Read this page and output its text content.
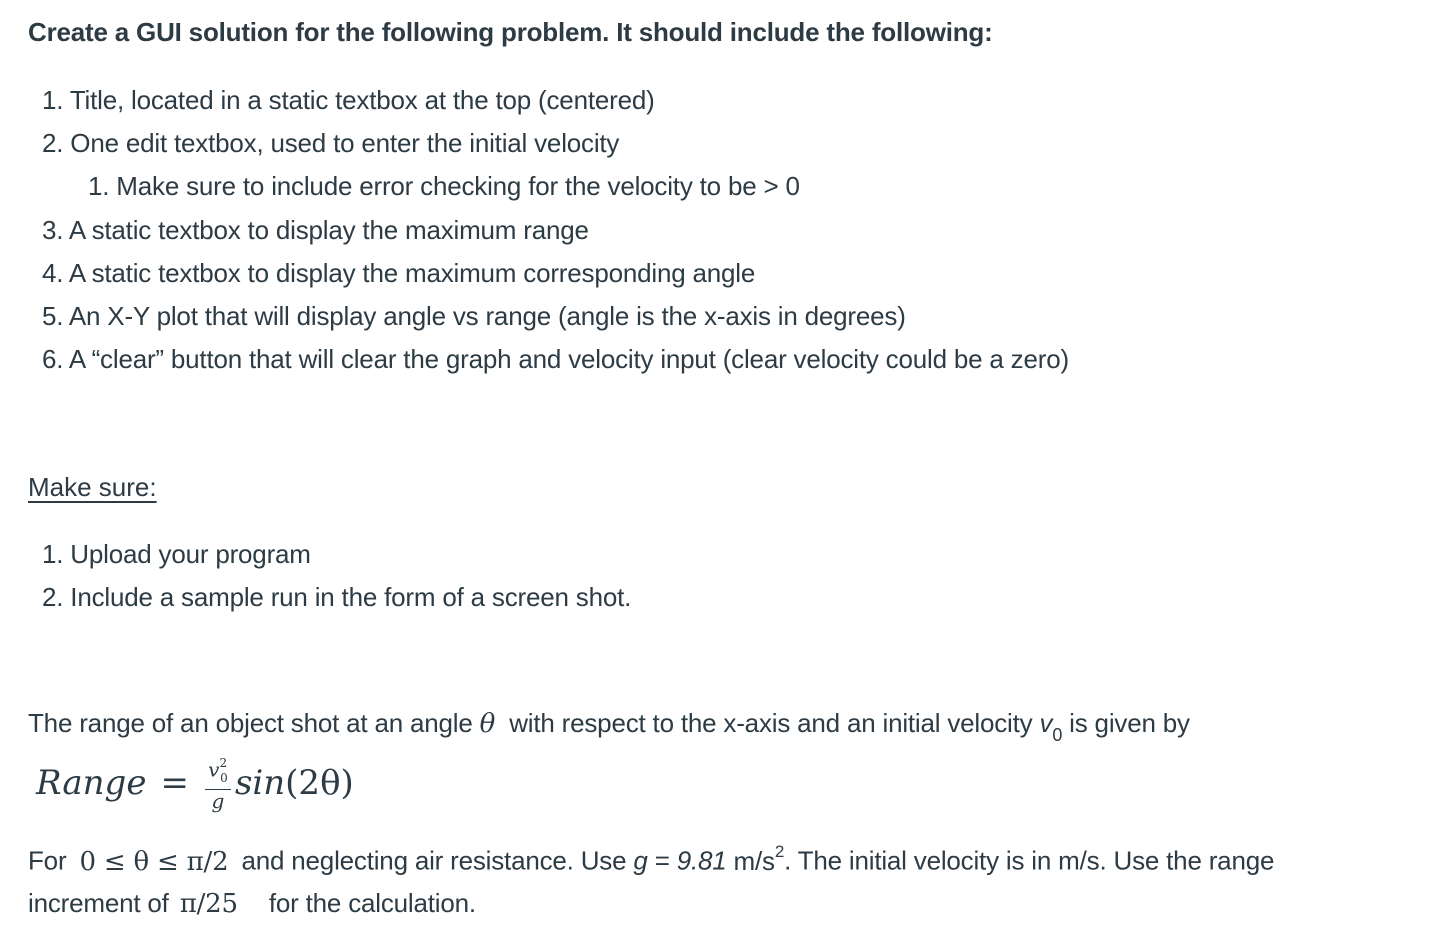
Create a GUI solution for the following problem. It should include the following:
1. Title, located in a static textbox at the top (centered)
2. One edit textbox, used to enter the initial velocity
1. Make sure to include error checking for the velocity to be > 0
3. A static textbox to display the maximum range
4. A static textbox to display the maximum corresponding angle
5. An X-Y plot that will display angle vs range (angle is the x-axis in degrees)
6. A “clear” button that will clear the graph and velocity input (clear velocity could be a zero)
Make sure:
1. Upload your program
2. Include a sample run in the form of a screen shot.
The range of an object shot at an angle θ with respect to the x-axis and an initial velocity $v_0$ is given by
Range = $\frac{v^2_0}{g}$ sin (2θ)
For 0 ≤ θ ≤ π/2 and neglecting air resistance. Use g = 9.81 $m/s^2$. The initial velocity is in m/s. Use the range
increment of π/25 for the calculation.
